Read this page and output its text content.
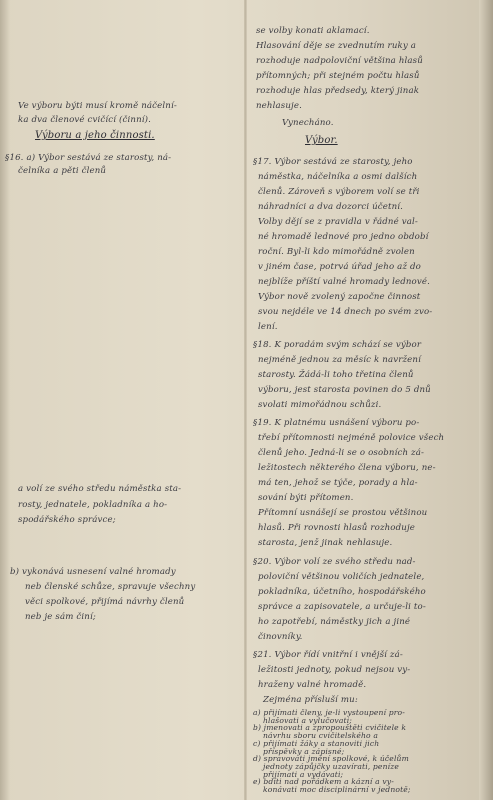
Ve výboru býti musí kromě náčelní-
ka dva členové cvičící (činní).
Výboru a jeho činnosti.
§16. a) Výbor sestává ze starosty, ná-
čelníka a pěti členů
a volí ze svého středu náměstka sta-
rosty, jednatele, pokladníka a ho-
spodářského správce;
b) vykonává usnesení valné hromady
neb členské schůze, spravuje všechny
věci spolkové, přijímá návrhy členů
neb je sám činí;
se volby konati aklamací.
Hlasování děje se zvednutím ruky a
rozhoduje nadpoloviční většina hlasů
přítomných; při stejném počtu hlasů
rozhoduje hlas předsedy, který jinak
nehlasuje.
Vynecháno.
Výbor.
§17. Výbor sestává ze starosty, jeho
náměstka, náčelníka a osmi dalších
členů. Zároveň s výborem volí se tři
náhradníci a dva dozorci účetní.
Volby dějí se z pravidla v řádné val-
né hromadě lednové pro jedno období
roční. Byl-li kdo mimořádně zvolen
v jiném čase, potrvá úřad jeho až do
nejblíže příští valné hromady lednové.
Výbor nově zvolený započne činnost
svou nejdéle ve 14 dnech po svém zvo-
lení.
§18. K poradám svým schází se výbor
nejméně jednou za měsíc k navržení
starosty. Žádá-li toho třetina členů
výboru, jest starosta povinen do 5 dnů
svolati mimořádnou schůzi.
§19. K platnému usnášení výboru po-
třebí přítomnosti nejméně polovice všech
členů jeho. Jedná-li se o osobních zá-
ležitostech některého člena výboru, ne-
má ten, jehož se týče, porady a hla-
sování býti přítomen.
Přítomní usnášejí se prostou většinou
hlasů. Při rovnosti hlasů rozhoduje
starosta, jenž jinak nehlasuje.
§20. Výbor volí ze svého středu nad-
poloviční většinou voličích jednatele,
pokladníka, účetního, hospodářského
správce a zapisovatele, a určuje-li to-
ho zapotřebí, náměstky jich a jiné
činovníky.
§21. Výbor řídí vnitřní i vnější zá-
ležitosti jednoty, pokud nejsou vy-
hraženy valné hromadě.
Zejména přísluší mu:
a) přijímati členy, je-li vystoupení pro-
hlašovati a vylučovati;
b) jmenovati a zpropouštěti cvičitele k
návrhu sboru cvičitelského a
c) přijímati žáky a stanoviti jich
příspěvky a zápisné;
d) spravovati jmění spolkové, k účelům
jednoty zápůjčky uzavírati, peníze
přijímati a vydávati;
e) bdíti nad pořádkem a kázní a vy-
konávati moc disciplinární v jednotě;
